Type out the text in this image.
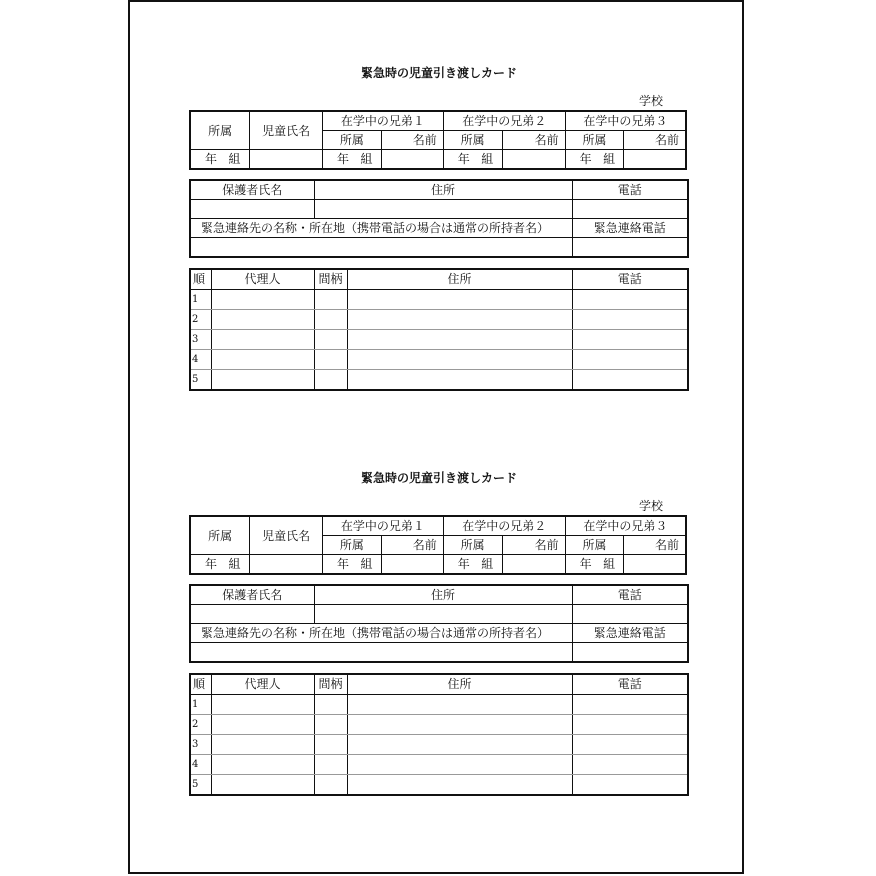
緊急時の児童引き渡しカード
学校
所属	児童氏名	在学中の兄弟１		在学中の兄弟２		在学中の兄弟３	
		所属	名前	所属	名前	所属	名前
年 組		年 組		年 組		年 組	
保護者氏名	住所	電話

緊急連絡先の名称・所在地（携帯電話の場合は通常の所持者名）		緊急連絡電話

順	代理人	間柄	住所	電話
1				
2				
3				
4				
5				
緊急時の児童引き渡しカード
学校
所属	児童氏名	在学中の兄弟１		在学中の兄弟２		在学中の兄弟３	
		所属	名前	所属	名前	所属	名前
年 組		年 組		年 組		年 組	
保護者氏名	住所	電話

緊急連絡先の名称・所在地（携帯電話の場合は通常の所持者名）		緊急連絡電話

順	代理人	間柄	住所	電話
1				
2				
3				
4				
5				
